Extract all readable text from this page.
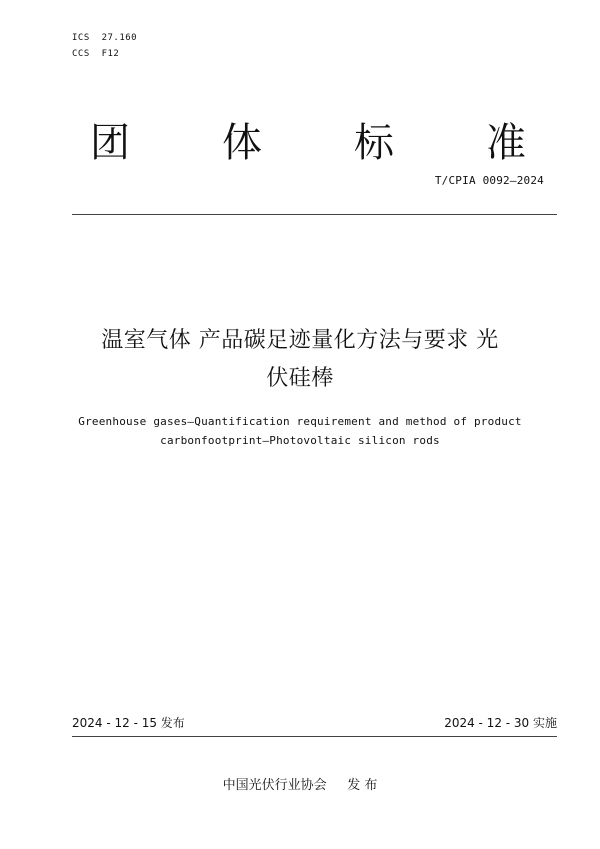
ICS  27.160
CCS  F12
团 体 标 准
T/CPIA 0092—2024
温室气体 产品碳足迹量化方法与要求 光
伏硅棒
Greenhouse gases—Quantification requirement and method of product
carbonfootprint—Photovoltaic silicon rods
2024 - 12 - 15 发布	2024 - 12 - 30 实施
中国光伏行业协会     发 布
